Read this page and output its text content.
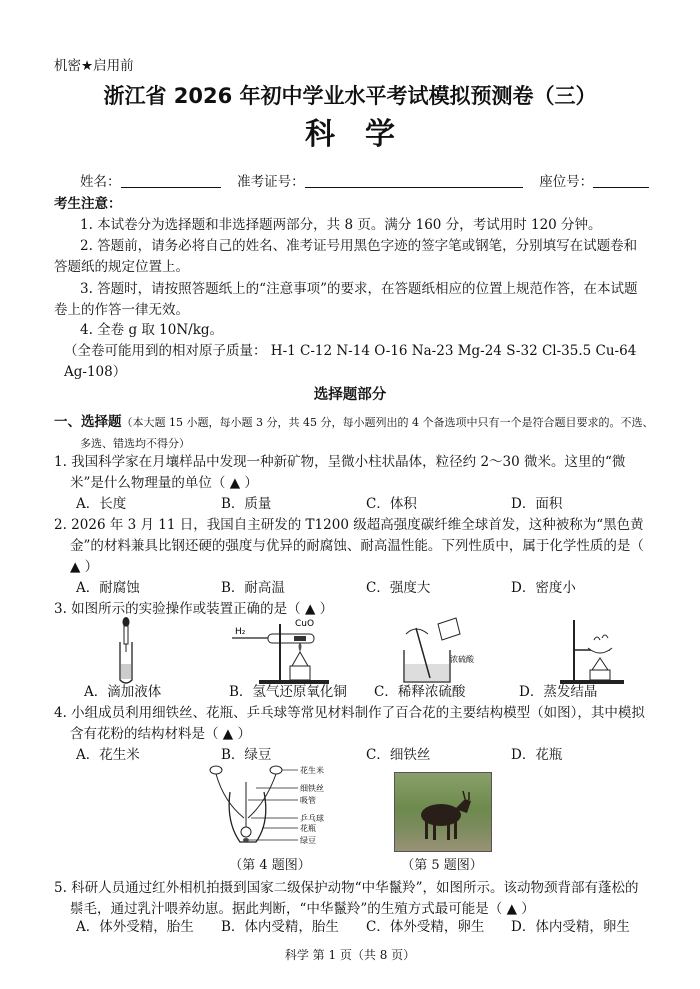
机密★启用前
浙江省 2026 年初中学业水平考试模拟预测卷（三）
科学
姓名：	准考证号：	座位号：
考生注意：
1. 本试卷分为选择题和非选择题两部分，共 8 页。满分 160 分，考试用时 120 分钟。
2. 答题前，请务必将自己的姓名、准考证号用黑色字迹的签字笔或钢笔，分别填写在试题卷和答题纸的规定位置上。
3. 答题时，请按照答题纸上的“注意事项”的要求，在答题纸相应的位置上规范作答，在本试题卷上的作答一律无效。
4. 全卷 g 取 10N/kg。
（全卷可能用到的相对原子质量： H-1 C-12 N-14 O-16 Na-23 Mg-24 S-32 Cl-35.5 Cu-64 Ag-108）
选择题部分
一、选择题（本大题 15 小题，每小题 3 分，共 45 分，每小题列出的 4 个备选项中只有一个是符合题目要求的。不选、多选、错选均不得分）
1. 我国科学家在月壤样品中发现一种新矿物，呈微小柱状晶体，粒径约 2～30 微米。这里的“微米”是什么物理量的单位（ ▲ ）
A．长度	B．质量	C．体积	D．面积
2. 2026 年 3 月 11 日，我国自主研发的 T1200 级超高强度碳纤维全球首发，这种被称为“黑色黄金”的材料兼具比钢还硬的强度与优异的耐腐蚀、耐高温性能。下列性质中，属于化学性质的是（ ▲ ）
A．耐腐蚀	B．耐高温	C．强度大	D．密度小
3. 如图所示的实验操作或装置正确的是（ ▲ ）
H₂
CuO
浓硫酸
A．滴加液体	B．氢气还原氧化铜	C．稀释浓硫酸	D．蒸发结晶
4. 小组成员利用细铁丝、花瓶、乒乓球等常见材料制作了百合花的主要结构模型（如图），其中模拟含有花粉的结构材料是（ ▲ ）
A．花生米	B．绿豆	C．细铁丝	D．花瓶
花生米
细铁丝
吸管
乒乓球
花瓶
绿豆
（第 4 题图）	（第 5 题图）
5. 科研人员通过红外相机拍摄到国家二级保护动物“中华鬣羚”，如图所示。该动物颈背部有蓬松的鬃毛，通过乳汁喂养幼崽。据此判断，“中华鬣羚”的生殖方式最可能是（ ▲ ）
A．体外受精，胎生	B．体内受精，胎生	C．体外受精，卵生	D．体内受精，卵生
科学 第 1 页（共 8 页）
